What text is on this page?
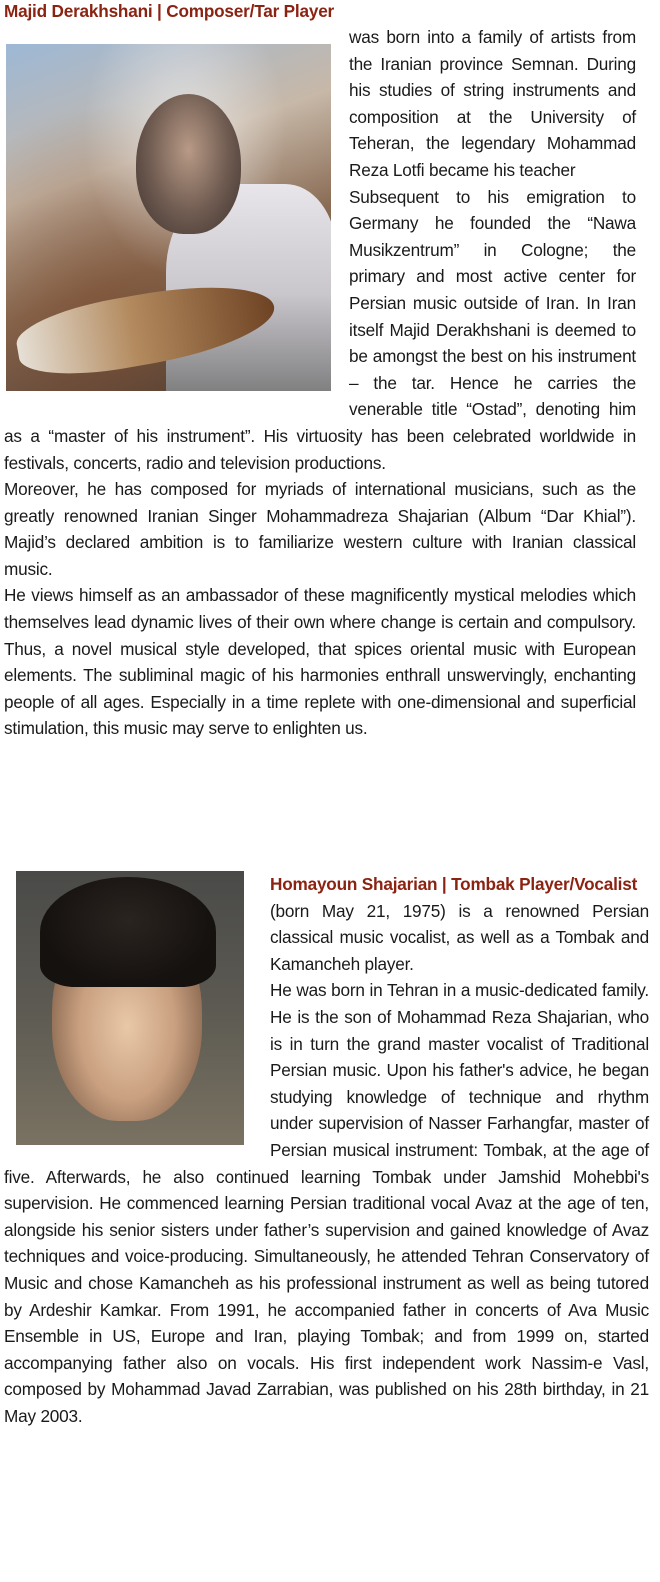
Majid Derakhshani | Composer/Tar Player

was born into a family of artists from the Iranian province Semnan. During his studies of string instruments and composition at the University of Teheran, the legendary Mohammad Reza Lotfi became his teacher

Subsequent to his emigration to Germany he founded the “Nawa Musikzentrum” in Cologne; the primary and most active center for Persian music outside of Iran. In Iran itself Majid Derakhshani is deemed to be amongst the best on his instrument – the tar. Hence he carries the venerable title “Ostad”, denoting him as a “master of his instrument”. His virtuosity has been celebrated worldwide in festivals, concerts, radio and television productions.

Moreover, he has composed for myriads of international musicians, such as the greatly renowned Iranian Singer Mohammadreza Shajarian (Album “Dar Khial”). Majid’s declared ambition is to familiarize western culture with Iranian classical music.

He views himself as an ambassador of these magnificently mystical melodies which themselves lead dynamic lives of their own where change is certain and compulsory. Thus, a novel musical style developed, that spices oriental music with European elements. The subliminal magic of his harmonies enthrall unswervingly, enchanting people of all ages. Especially in a time replete with one-dimensional and superficial stimulation, this music may serve to enlighten us.

Homayoun Shajarian | Tombak Player/Vocalist

(born May 21, 1975) is a renowned Persian classical music vocalist, as well as a Tombak and Kamancheh player.

He was born in Tehran in a music-dedicated family. He is the son of Mohammad Reza Shajarian, who is in turn the grand master vocalist of Traditional Persian music. Upon his father's advice, he began studying knowledge of technique and rhythm under supervision of Nasser Farhangfar, master of Persian musical instrument: Tombak, at the age of five. Afterwards, he also continued learning Tombak under Jamshid Mohebbi's supervision. He commenced learning Persian traditional vocal Avaz at the age of ten, alongside his senior sisters under father’s supervision and gained knowledge of Avaz techniques and voice-producing. Simultaneously, he attended Tehran Conservatory of Music and chose Kamancheh as his professional instrument as well as being tutored by Ardeshir Kamkar. From 1991, he accompanied father in concerts of Ava Music Ensemble in US, Europe and Iran, playing Tombak; and from 1999 on, started accompanying father also on vocals. His first independent work Nassim-e Vasl, composed by Mohammad Javad Zarrabian, was published on his 28th birthday, in 21 May 2003.
